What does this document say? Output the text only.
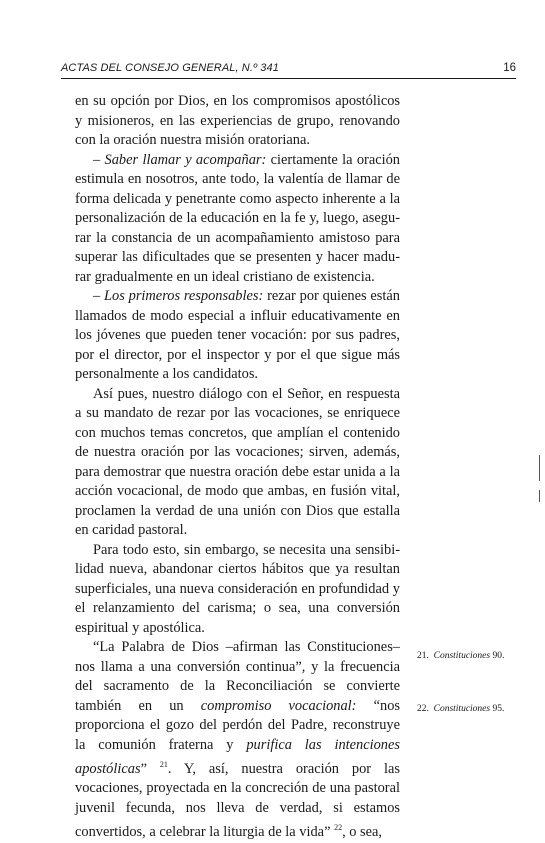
ACTAS DEL CONSEJO GENERAL, N.º 341	16

en su opción por Dios, en los compromisos apostólicos y misioneros, en las experiencias de grupo, renovando con la oración nuestra misión oratoriana.

– Saber llamar y acompañar: ciertamente la oración estimula en nosotros, ante todo, la valentía de llamar de forma delicada y penetrante como aspecto inherente a la personalización de la educación en la fe y, luego, asegurar la constancia de un acompañamiento amistoso para superar las dificultades que se presenten y hacer madurar gradualmente en un ideal cristiano de existencia.

– Los primeros responsables: rezar por quienes están llamados de modo especial a influir educativamente en los jóvenes que pueden tener vocación: por sus padres, por el director, por el inspector y por el que sigue más personalmente a los candidatos.

Así pues, nuestro diálogo con el Señor, en respuesta a su mandato de rezar por las vocaciones, se enriquece con muchos temas concretos, que amplían el contenido de nuestra oración por las vocaciones; sirven, además, para demostrar que nuestra oración debe estar unida a la acción vocacional, de modo que ambas, en fusión vital, proclamen la verdad de una unión con Dios que estalla en caridad pastoral.

Para todo esto, sin embargo, se necesita una sensibilidad nueva, abandonar ciertos hábitos que ya resultan superficiales, una nueva consideración en profundidad y el relanzamiento del carisma; o sea, una conversión espiritual y apostólica.

“La Palabra de Dios –afirman las Constituciones– nos llama a una conversión continua”, y la frecuencia del sacramento de la Reconciliación se convierte también en un compromiso vocacional: “nos proporciona el gozo del perdón del Padre, reconstruye la comunión fraterna y purifica las intenciones apostólicas” $^{21}$. Y, así, nuestra oración por las vocaciones, proyectada en la concreción de una pastoral juvenil fecunda, nos lleva de verdad, si estamos convertidos, a celebrar la liturgia de la vida” $^{22}$, o sea,

21. Constituciones 90.
22. Constituciones 95.
